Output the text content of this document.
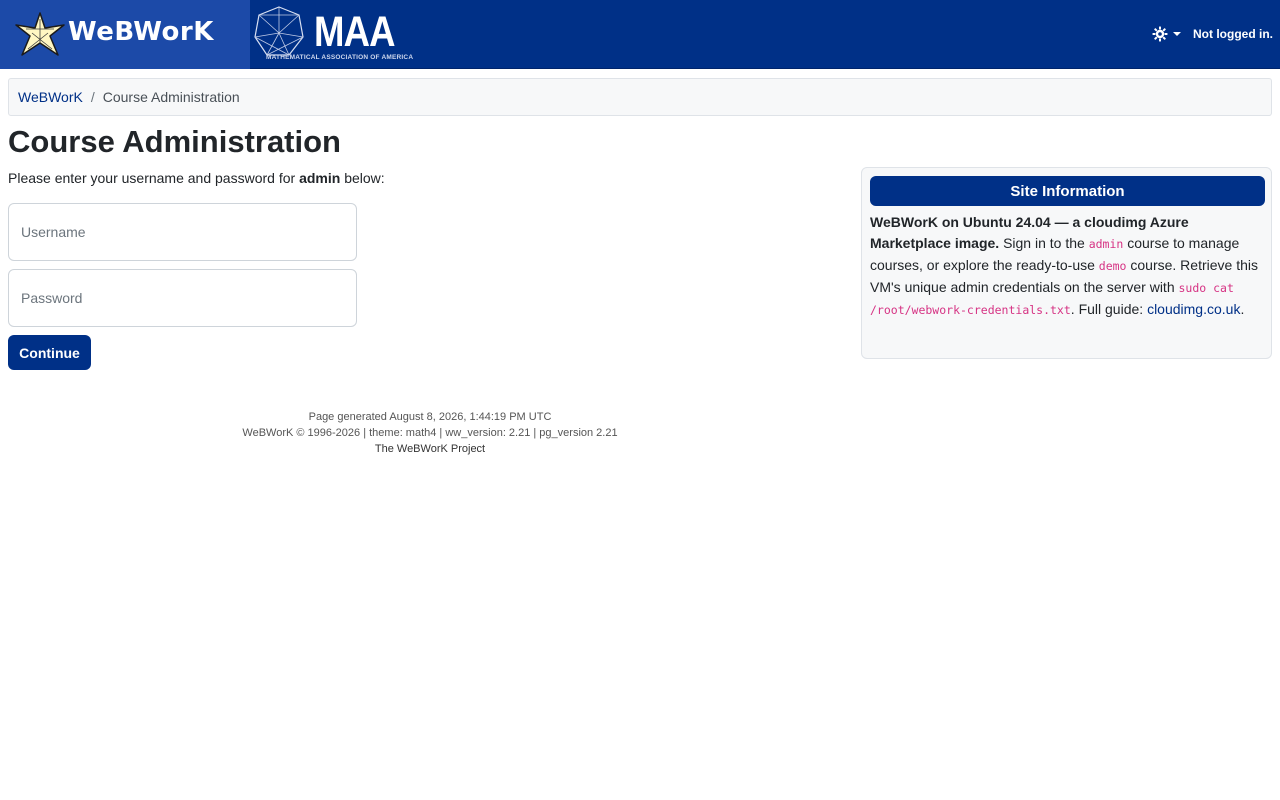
WeBWorK MAA
MATHEMATICAL ASSOCIATION OF AMERICA
Not logged in.
WeBWorK / Course Administration
Course Administration

Please enter your username and password for admin below:

Username
Continue
Site Information
WeBWorK on Ubuntu 24.04 — a cloudimg Azure Marketplace image. Sign in to the admin course to manage courses, or explore the ready-to-use demo course. Retrieve this VM's unique admin credentials on the server with sudo cat /root/webwork-credentials.txt. Full guide: cloudimg.co.uk.
Page generated August 8, 2026, 1:44:19 PM UTC
WeBWorK © 1996-2026 | theme: math4 | ww_version: 2.21 | pg_version 2.21
The WeBWorK Project
